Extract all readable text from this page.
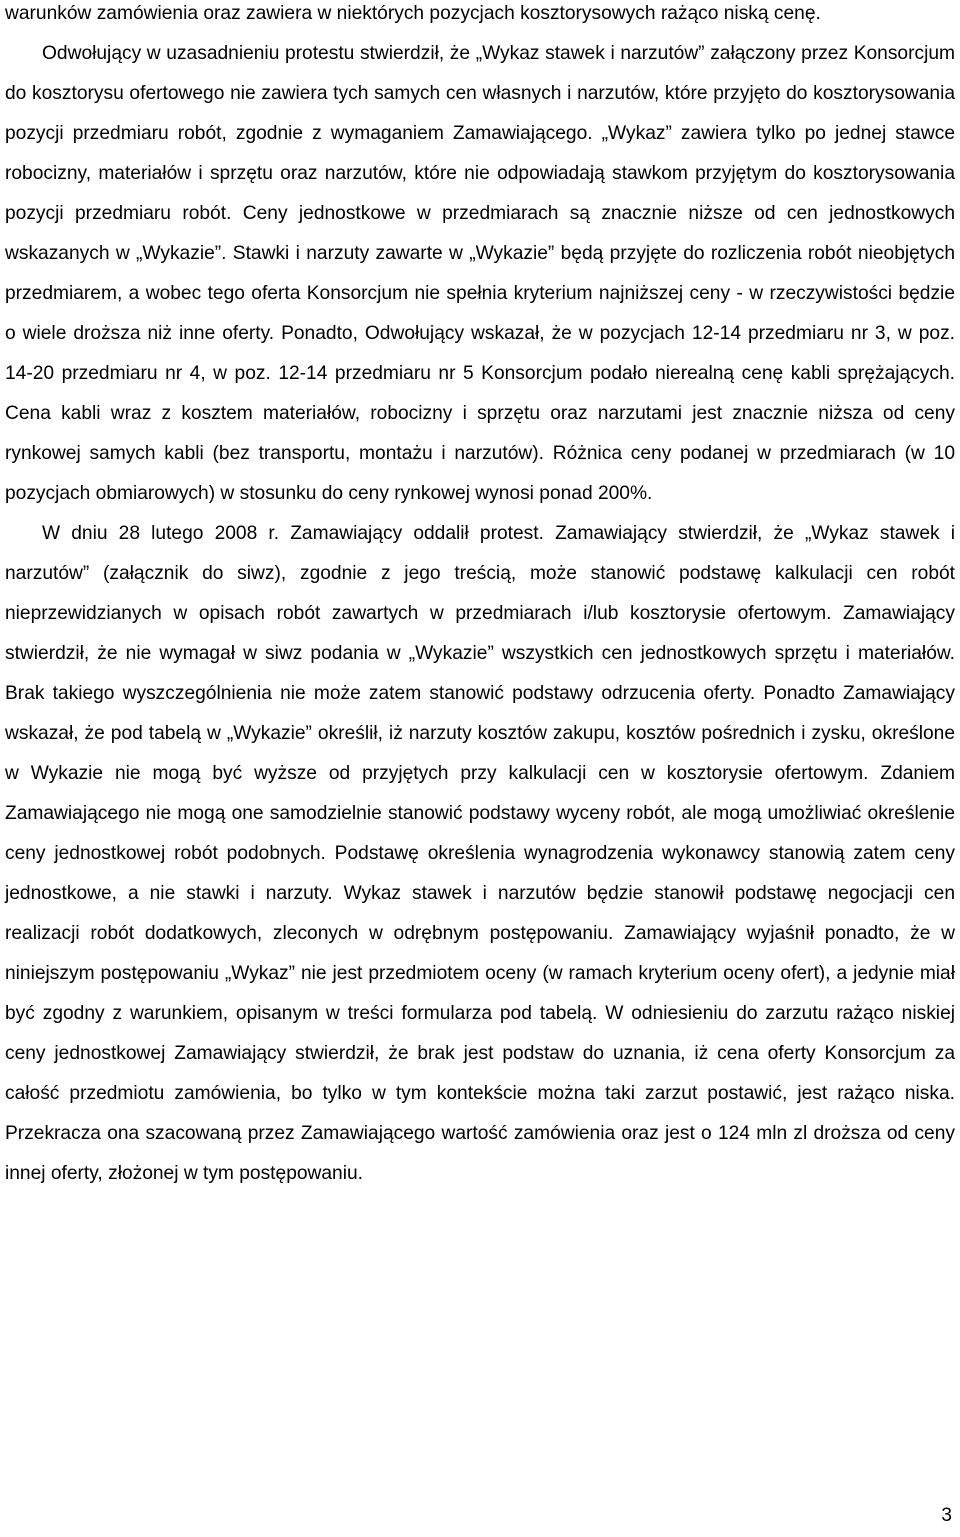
warunków zamówienia oraz zawiera w niektórych pozycjach kosztorysowych rażąco niską cenę.

Odwołujący w uzasadnieniu protestu stwierdził, że „Wykaz stawek i narzutów” załączony przez Konsorcjum do kosztorysu ofertowego nie zawiera tych samych cen własnych i narzutów, które przyjęto do kosztorysowania pozycji przedmiaru robót, zgodnie z wymaganiem Zamawiającego. „Wykaz” zawiera tylko po jednej stawce robocizny, materiałów i sprzętu oraz narzutów, które nie odpowiadają stawkom przyjętym do kosztorysowania pozycji przedmiaru robót. Ceny jednostkowe w przedmiarach są znacznie niższe od cen jednostkowych wskazanych w „Wykazie”. Stawki i narzuty zawarte w „Wykazie” będą przyjęte do rozliczenia robót nieobjętych przedmiarem, a wobec tego oferta Konsorcjum nie spełnia kryterium najniższej ceny - w rzeczywistości będzie o wiele droższa niż inne oferty. Ponadto, Odwołujący wskazał, że w pozycjach 12-14 przedmiaru nr 3, w poz. 14-20 przedmiaru nr 4, w poz. 12-14 przedmiaru nr 5 Konsorcjum podało nierealną cenę kabli sprężających. Cena kabli wraz z kosztem materiałów, robocizny i sprzętu oraz narzutami jest znacznie niższa od ceny rynkowej samych kabli (bez transportu, montażu i narzutów). Różnica ceny podanej w przedmiarach (w 10 pozycjach obmiarowych) w stosunku do ceny rynkowej wynosi ponad 200%.

W dniu 28 lutego 2008 r. Zamawiający oddalił protest. Zamawiający stwierdził, że „Wykaz stawek i narzutów” (załącznik do siwz), zgodnie z jego treścią, może stanowić podstawę kalkulacji cen robót nieprzewidzianych w opisach robót zawartych w przedmiarach i/lub kosztorysie ofertowym. Zamawiający stwierdził, że nie wymagał w siwz podania w „Wykazie” wszystkich cen jednostkowych sprzętu i materiałów. Brak takiego wyszczególnienia nie może zatem stanowić podstawy odrzucenia oferty. Ponadto Zamawiający wskazał, że pod tabelą w „Wykazie” określił, iż narzuty kosztów zakupu, kosztów pośrednich i zysku, określone w Wykazie nie mogą być wyższe od przyjętych przy kalkulacji cen w kosztorysie ofertowym. Zdaniem Zamawiającego nie mogą one samodzielnie stanowić podstawy wyceny robót, ale mogą umożliwiać określenie ceny jednostkowej robót podobnych. Podstawę określenia wynagrodzenia wykonawcy stanowią zatem ceny jednostkowe, a nie stawki i narzuty. Wykaz stawek i narzutów będzie stanowił podstawę negocjacji cen realizacji robót dodatkowych, zleconych w odrębnym postępowaniu. Zamawiający wyjaśnił ponadto, że w niniejszym postępowaniu „Wykaz” nie jest przedmiotem oceny (w ramach kryterium oceny ofert), a jedynie miał być zgodny z warunkiem, opisanym w treści formularza pod tabelą. W odniesieniu do zarzutu rażąco niskiej ceny jednostkowej Zamawiający stwierdził, że brak jest podstaw do uznania, iż cena oferty Konsorcjum za całość przedmiotu zamówienia, bo tylko w tym kontekście można taki zarzut postawić, jest rażąco niska. Przekracza ona szacowaną przez Zamawiającego wartość zamówienia oraz jest o 124 mln zl droższa od ceny innej oferty, złożonej w tym postępowaniu.

3
